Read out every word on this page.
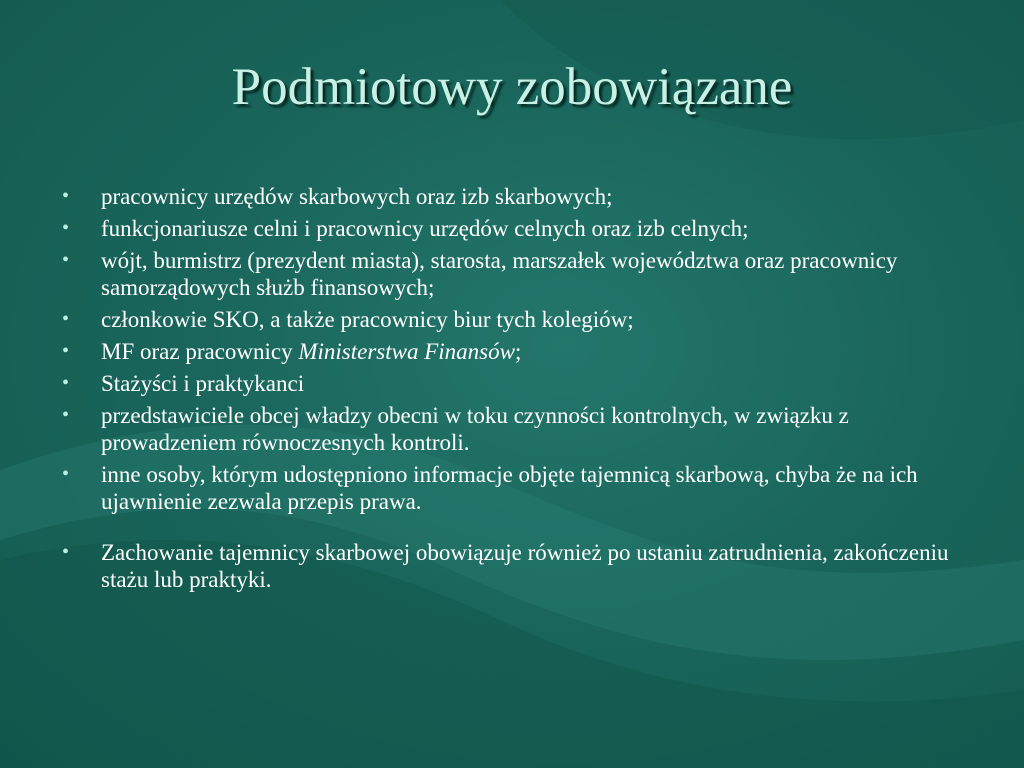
Podmiotowy zobowiązane
•	pracownicy urzędów skarbowych oraz izb skarbowych;
•	funkcjonariusze celni i pracownicy urzędów celnych oraz izb celnych;
•	wójt, burmistrz (prezydent miasta), starosta, marszałek województwa oraz pracownicy samorządowych służb finansowych;
•	członkowie SKO, a także pracownicy biur tych kolegiów;
•	MF oraz pracownicy Ministerstwa Finansów;
•	Stażyści i praktykanci
•	przedstawiciele obcej władzy obecni w toku czynności kontrolnych, w związku z prowadzeniem równoczesnych kontroli.
•	inne osoby, którym udostępniono informacje objęte tajemnicą skarbową, chyba że na ich ujawnienie zezwala przepis prawa.
•	Zachowanie tajemnicy skarbowej obowiązuje również po ustaniu zatrudnienia, zakończeniu stażu lub praktyki.
